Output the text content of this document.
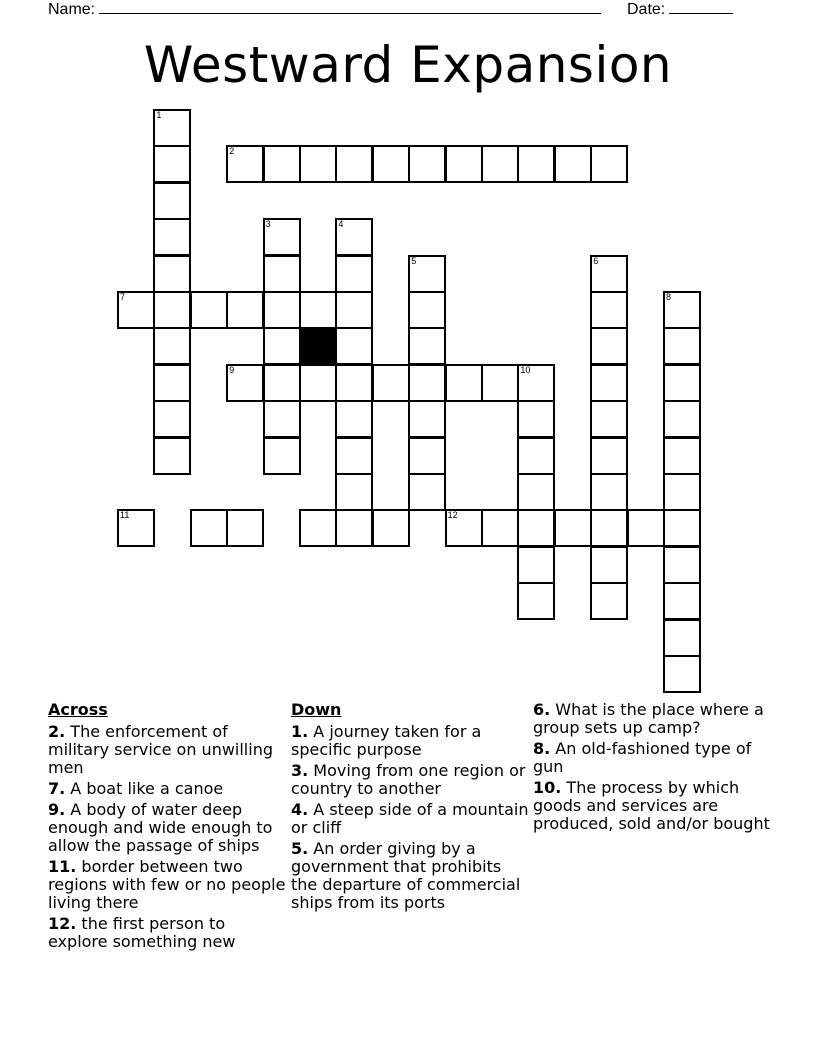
Name:	Date:
Westward Expansion
1
2
3	4
5	6
7	8
9	10
11	12
Across
2. The enforcement of military service on unwilling men
7. A boat like a canoe
9. A body of water deep enough and wide enough to allow the passage of ships
11. border between two regions with few or no people living there
12. the first person to explore something new
Down
1. A journey taken for a specific purpose
3. Moving from one region or country to another
4. A steep side of a mountain or cliff
5. An order giving by a government that prohibits the departure of commercial ships from its ports
6. What is the place where a group sets up camp?
8. An old-fashioned type of gun
10. The process by which goods and services are produced, sold and/or bought
